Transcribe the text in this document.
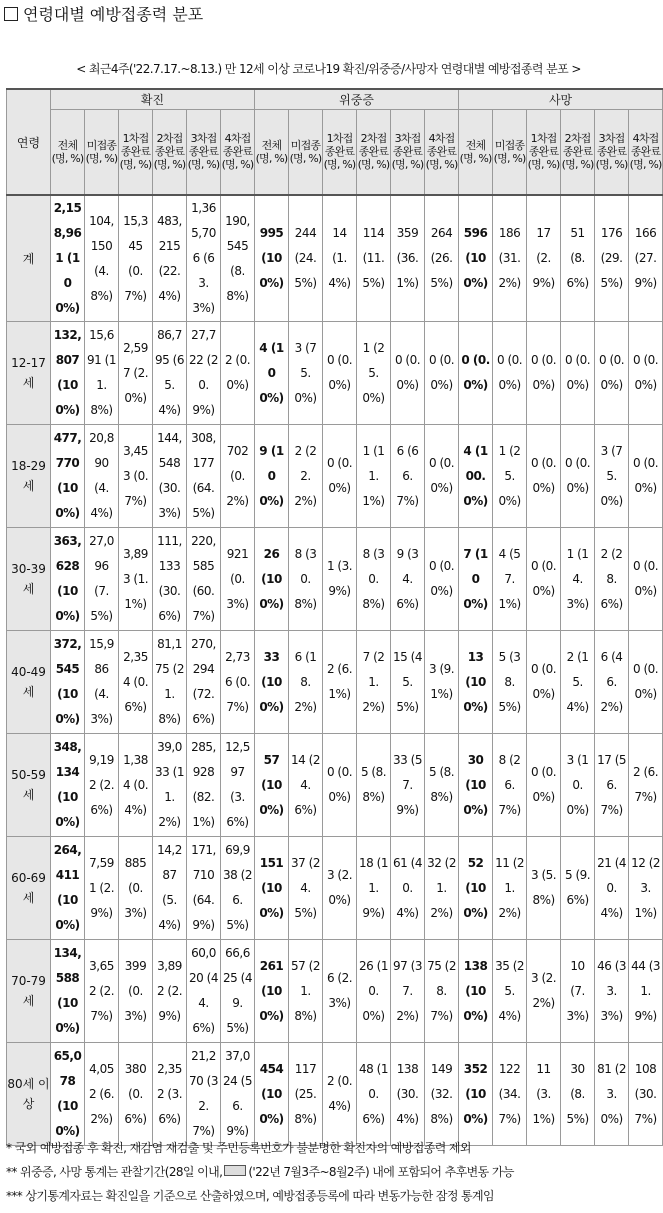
연령대별 예방접종력 분포
< 최근4주('22.7.17.~8.13.) 만 12세 이상 코로나19 확진/위중증/사망자 연령대별 예방접종력 분포 >
연령	확진						위중증						사망					
	전체 (명, %)	미접종 (명, %)	1차접종완료 (명, %)	2차접종완료 (명, %)	3차접종완료 (명, %)	4차접종완료 (명, %)	전체 (명, %)	미접종 (명, %)	1차접종완료 (명, %)	2차접종완료 (명, %)	3차접종완료 (명, %)	4차접종완료 (명, %)	전체 (명, %)	미접종 (명, %)	1차접종완료 (명, %)	2차접종완료 (명, %)	3차접종완료 (명, %)	4차접종완료 (명, %)
계	2,158,961 (100%)	104,150 (4.8%)	15,345 (0.7%)	483,215 (22.4%)	1,365,706 (63.3%)	190,545 (8.8%)	995 (100%)	244 (24.5%)	14 (1.4%)	114 (11.5%)	359 (36.1%)	264 (26.5%)	596 (100%)	186 (31.2%)	17 (2.9%)	51 (8.6%)	176 (29.5%)	166 (27.9%)

12-17세	132,807 (100%)	15,691 (11.8%)	2,597 (2.0%)	86,795 (65.4%)	27,722 (20.9%)	2 (0.0%)	4 (100%)	3 (75.0%)	0 (0.0%)	1 (25.0%)	0 (0.0%)	0 (0.0%)	0 (0.0%)	0 (0.0%)	0 (0.0%)	0 (0.0%)	0 (0.0%)	0 (0.0%)

18-29세	477,770 (100%)	20,890 (4.4%)	3,453 (0.7%)	144,548 (30.3%)	308,177 (64.5%)	702 (0.2%)	9 (100%)	2 (22.2%)	0 (0.0%)	1 (11.1%)	6 (66.7%)	0 (0.0%)	4 (100.0%)	1 (25.0%)	0 (0.0%)	0 (0.0%)	3 (75.0%)	0 (0.0%)

30-39세	363,628 (100%)	27,096 (7.5%)	3,893 (1.1%)	111,133 (30.6%)	220,585 (60.7%)	921 (0.3%)	26 (100%)	8 (30.8%)	1 (3.9%)	8 (30.8%)	9 (34.6%)	0 (0.0%)	7 (100%)	4 (57.1%)	0 (0.0%)	1 (14.3%)	2 (28.6%)	0 (0.0%)

40-49세	372,545 (100%)	15,986 (4.3%)	2,354 (0.6%)	81,175 (21.8%)	270,294 (72.6%)	2,736 (0.7%)	33 (100%)	6 (18.2%)	2 (6.1%)	7 (21.2%)	15 (45.5%)	3 (9.1%)	13 (100%)	5 (38.5%)	0 (0.0%)	2 (15.4%)	6 (46.2%)	0 (0.0%)

50-59세	348,134 (100%)	9,192 (2.6%)	1,384 (0.4%)	39,033 (11.2%)	285,928 (82.1%)	12,597 (3.6%)	57 (100%)	14 (24.6%)	0 (0.0%)	5 (8.8%)	33 (57.9%)	5 (8.8%)	30 (100%)	8 (26.7%)	0 (0.0%)	3 (10.0%)	17 (56.7%)	2 (6.7%)

60-69세	264,411 (100%)	7,591 (2.9%)	885 (0.3%)	14,287 (5.4%)	171,710 (64.9%)	69,938 (26.5%)	151 (100%)	37 (24.5%)	3 (2.0%)	18 (11.9%)	61 (40.4%)	32 (21.2%)	52 (100%)	11 (21.2%)	3 (5.8%)	5 (9.6%)	21 (40.4%)	12 (23.1%)

70-79세	134,588 (100%)	3,652 (2.7%)	399 (0.3%)	3,892 (2.9%)	60,020 (44.6%)	66,625 (49.5%)	261 (100%)	57 (21.8%)	6 (2.3%)	26 (10.0%)	97 (37.2%)	75 (28.7%)	138 (100%)	35 (25.4%)	3 (2.2%)	10 (7.3%)	46 (33.3%)	44 (31.9%)

80세 이상	65,078 (100%)	4,052 (6.2%)	380 (0.6%)	2,352 (3.6%)	21,270 (32.7%)	37,024 (56.9%)	454 (100%)	117 (25.8%)	2 (0.4%)	48 (10.6%)	138 (30.4%)	149 (32.8%)	352 (100%)	122 (34.7%)	11 (3.1%)	30 (8.5%)	81 (23.0%)	108 (30.7%)
* 국외 예방접종 후 확진, 재감염 재검출 및 주민등록번호가 불분명한 확진자의 예방접종력 제외
** 위중증, 사망 통계는 관찰기간(28일 이내, ('22년 7월3주~8월2주) 내에 포함되어 추후변동 가능
*** 상기통계자료는 확진일을 기준으로 산출하였으며, 예방접종등록에 따라 변동가능한 잠정 통계임
